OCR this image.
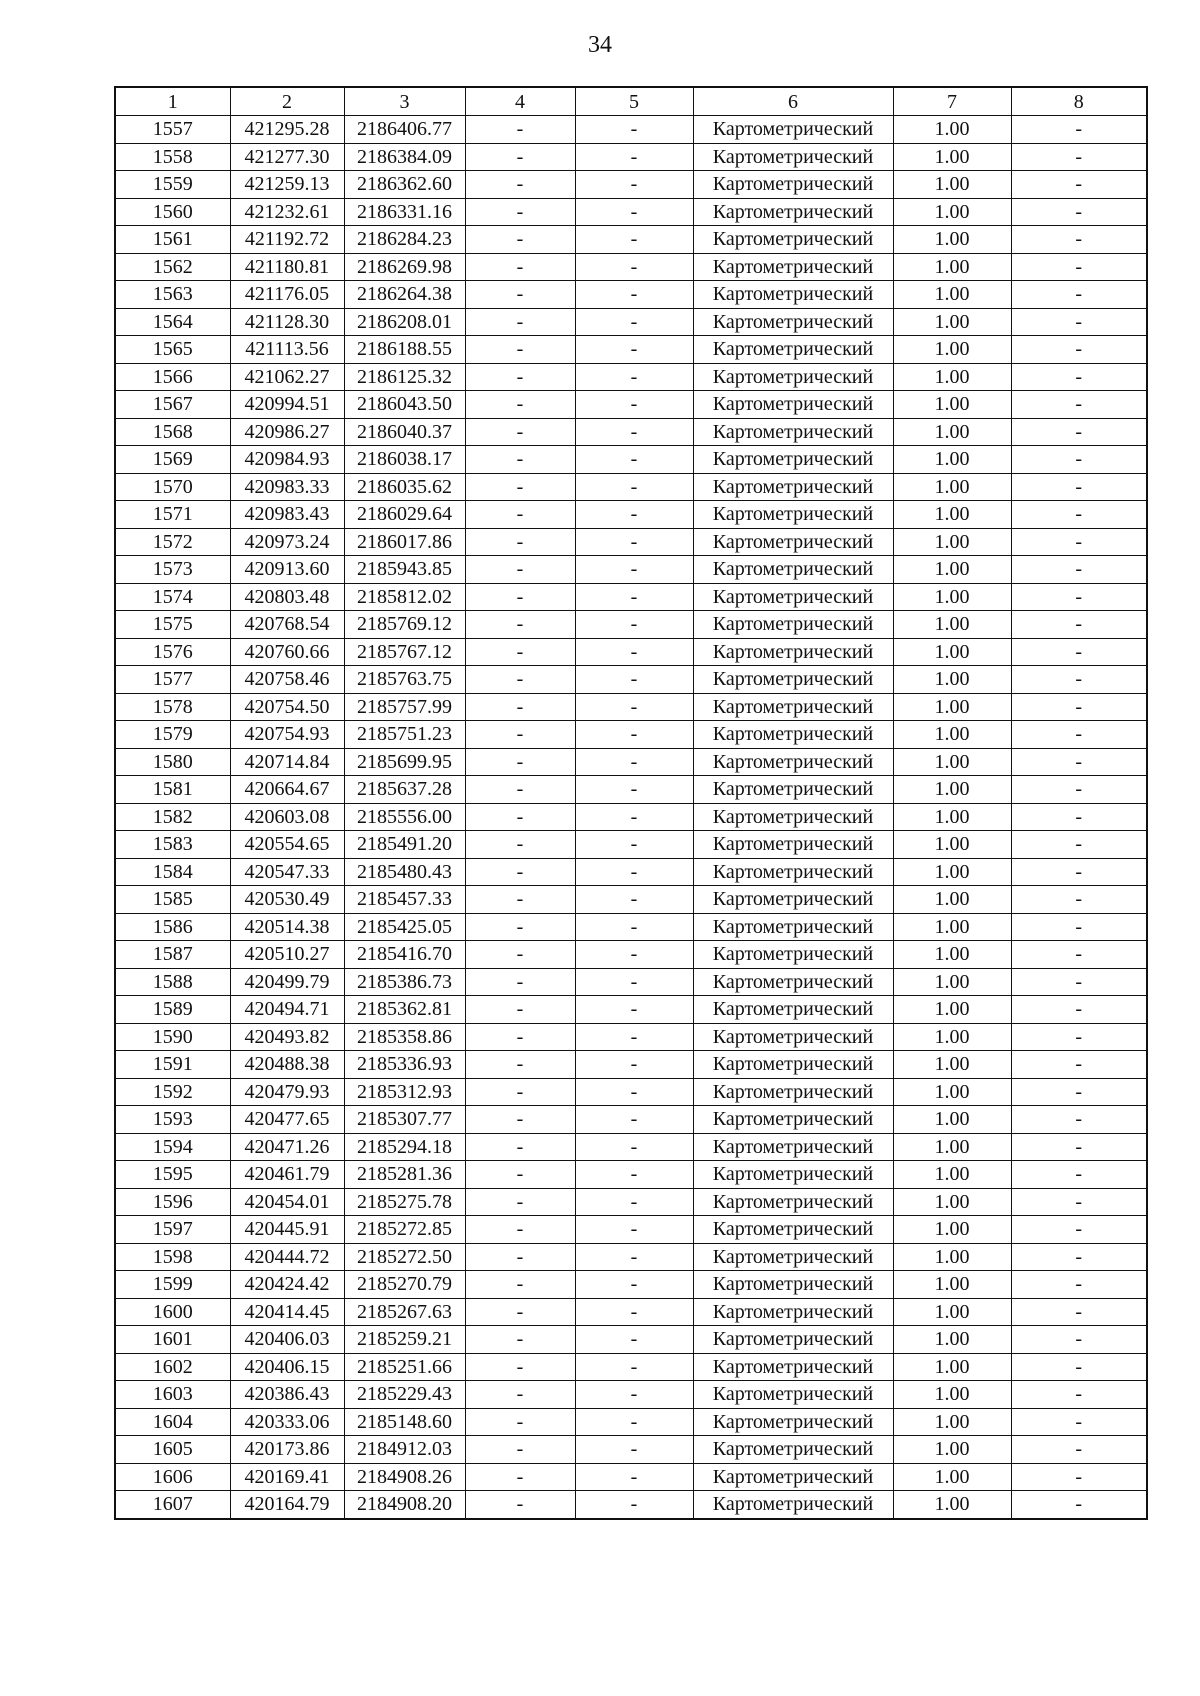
34
1	2	3	4	5	6	7	8
1557	421295.28	2186406.77	-	-	Картометрический	1.00	-
1558	421277.30	2186384.09	-	-	Картометрический	1.00	-
1559	421259.13	2186362.60	-	-	Картометрический	1.00	-
1560	421232.61	2186331.16	-	-	Картометрический	1.00	-
1561	421192.72	2186284.23	-	-	Картометрический	1.00	-
1562	421180.81	2186269.98	-	-	Картометрический	1.00	-
1563	421176.05	2186264.38	-	-	Картометрический	1.00	-
1564	421128.30	2186208.01	-	-	Картометрический	1.00	-
1565	421113.56	2186188.55	-	-	Картометрический	1.00	-
1566	421062.27	2186125.32	-	-	Картометрический	1.00	-
1567	420994.51	2186043.50	-	-	Картометрический	1.00	-
1568	420986.27	2186040.37	-	-	Картометрический	1.00	-
1569	420984.93	2186038.17	-	-	Картометрический	1.00	-
1570	420983.33	2186035.62	-	-	Картометрический	1.00	-
1571	420983.43	2186029.64	-	-	Картометрический	1.00	-
1572	420973.24	2186017.86	-	-	Картометрический	1.00	-
1573	420913.60	2185943.85	-	-	Картометрический	1.00	-
1574	420803.48	2185812.02	-	-	Картометрический	1.00	-
1575	420768.54	2185769.12	-	-	Картометрический	1.00	-
1576	420760.66	2185767.12	-	-	Картометрический	1.00	-
1577	420758.46	2185763.75	-	-	Картометрический	1.00	-
1578	420754.50	2185757.99	-	-	Картометрический	1.00	-
1579	420754.93	2185751.23	-	-	Картометрический	1.00	-
1580	420714.84	2185699.95	-	-	Картометрический	1.00	-
1581	420664.67	2185637.28	-	-	Картометрический	1.00	-
1582	420603.08	2185556.00	-	-	Картометрический	1.00	-
1583	420554.65	2185491.20	-	-	Картометрический	1.00	-
1584	420547.33	2185480.43	-	-	Картометрический	1.00	-
1585	420530.49	2185457.33	-	-	Картометрический	1.00	-
1586	420514.38	2185425.05	-	-	Картометрический	1.00	-
1587	420510.27	2185416.70	-	-	Картометрический	1.00	-
1588	420499.79	2185386.73	-	-	Картометрический	1.00	-
1589	420494.71	2185362.81	-	-	Картометрический	1.00	-
1590	420493.82	2185358.86	-	-	Картометрический	1.00	-
1591	420488.38	2185336.93	-	-	Картометрический	1.00	-
1592	420479.93	2185312.93	-	-	Картометрический	1.00	-
1593	420477.65	2185307.77	-	-	Картометрический	1.00	-
1594	420471.26	2185294.18	-	-	Картометрический	1.00	-
1595	420461.79	2185281.36	-	-	Картометрический	1.00	-
1596	420454.01	2185275.78	-	-	Картометрический	1.00	-
1597	420445.91	2185272.85	-	-	Картометрический	1.00	-
1598	420444.72	2185272.50	-	-	Картометрический	1.00	-
1599	420424.42	2185270.79	-	-	Картометрический	1.00	-
1600	420414.45	2185267.63	-	-	Картометрический	1.00	-
1601	420406.03	2185259.21	-	-	Картометрический	1.00	-
1602	420406.15	2185251.66	-	-	Картометрический	1.00	-
1603	420386.43	2185229.43	-	-	Картометрический	1.00	-
1604	420333.06	2185148.60	-	-	Картометрический	1.00	-
1605	420173.86	2184912.03	-	-	Картометрический	1.00	-
1606	420169.41	2184908.26	-	-	Картометрический	1.00	-
1607	420164.79	2184908.20	-	-	Картометрический	1.00	-
